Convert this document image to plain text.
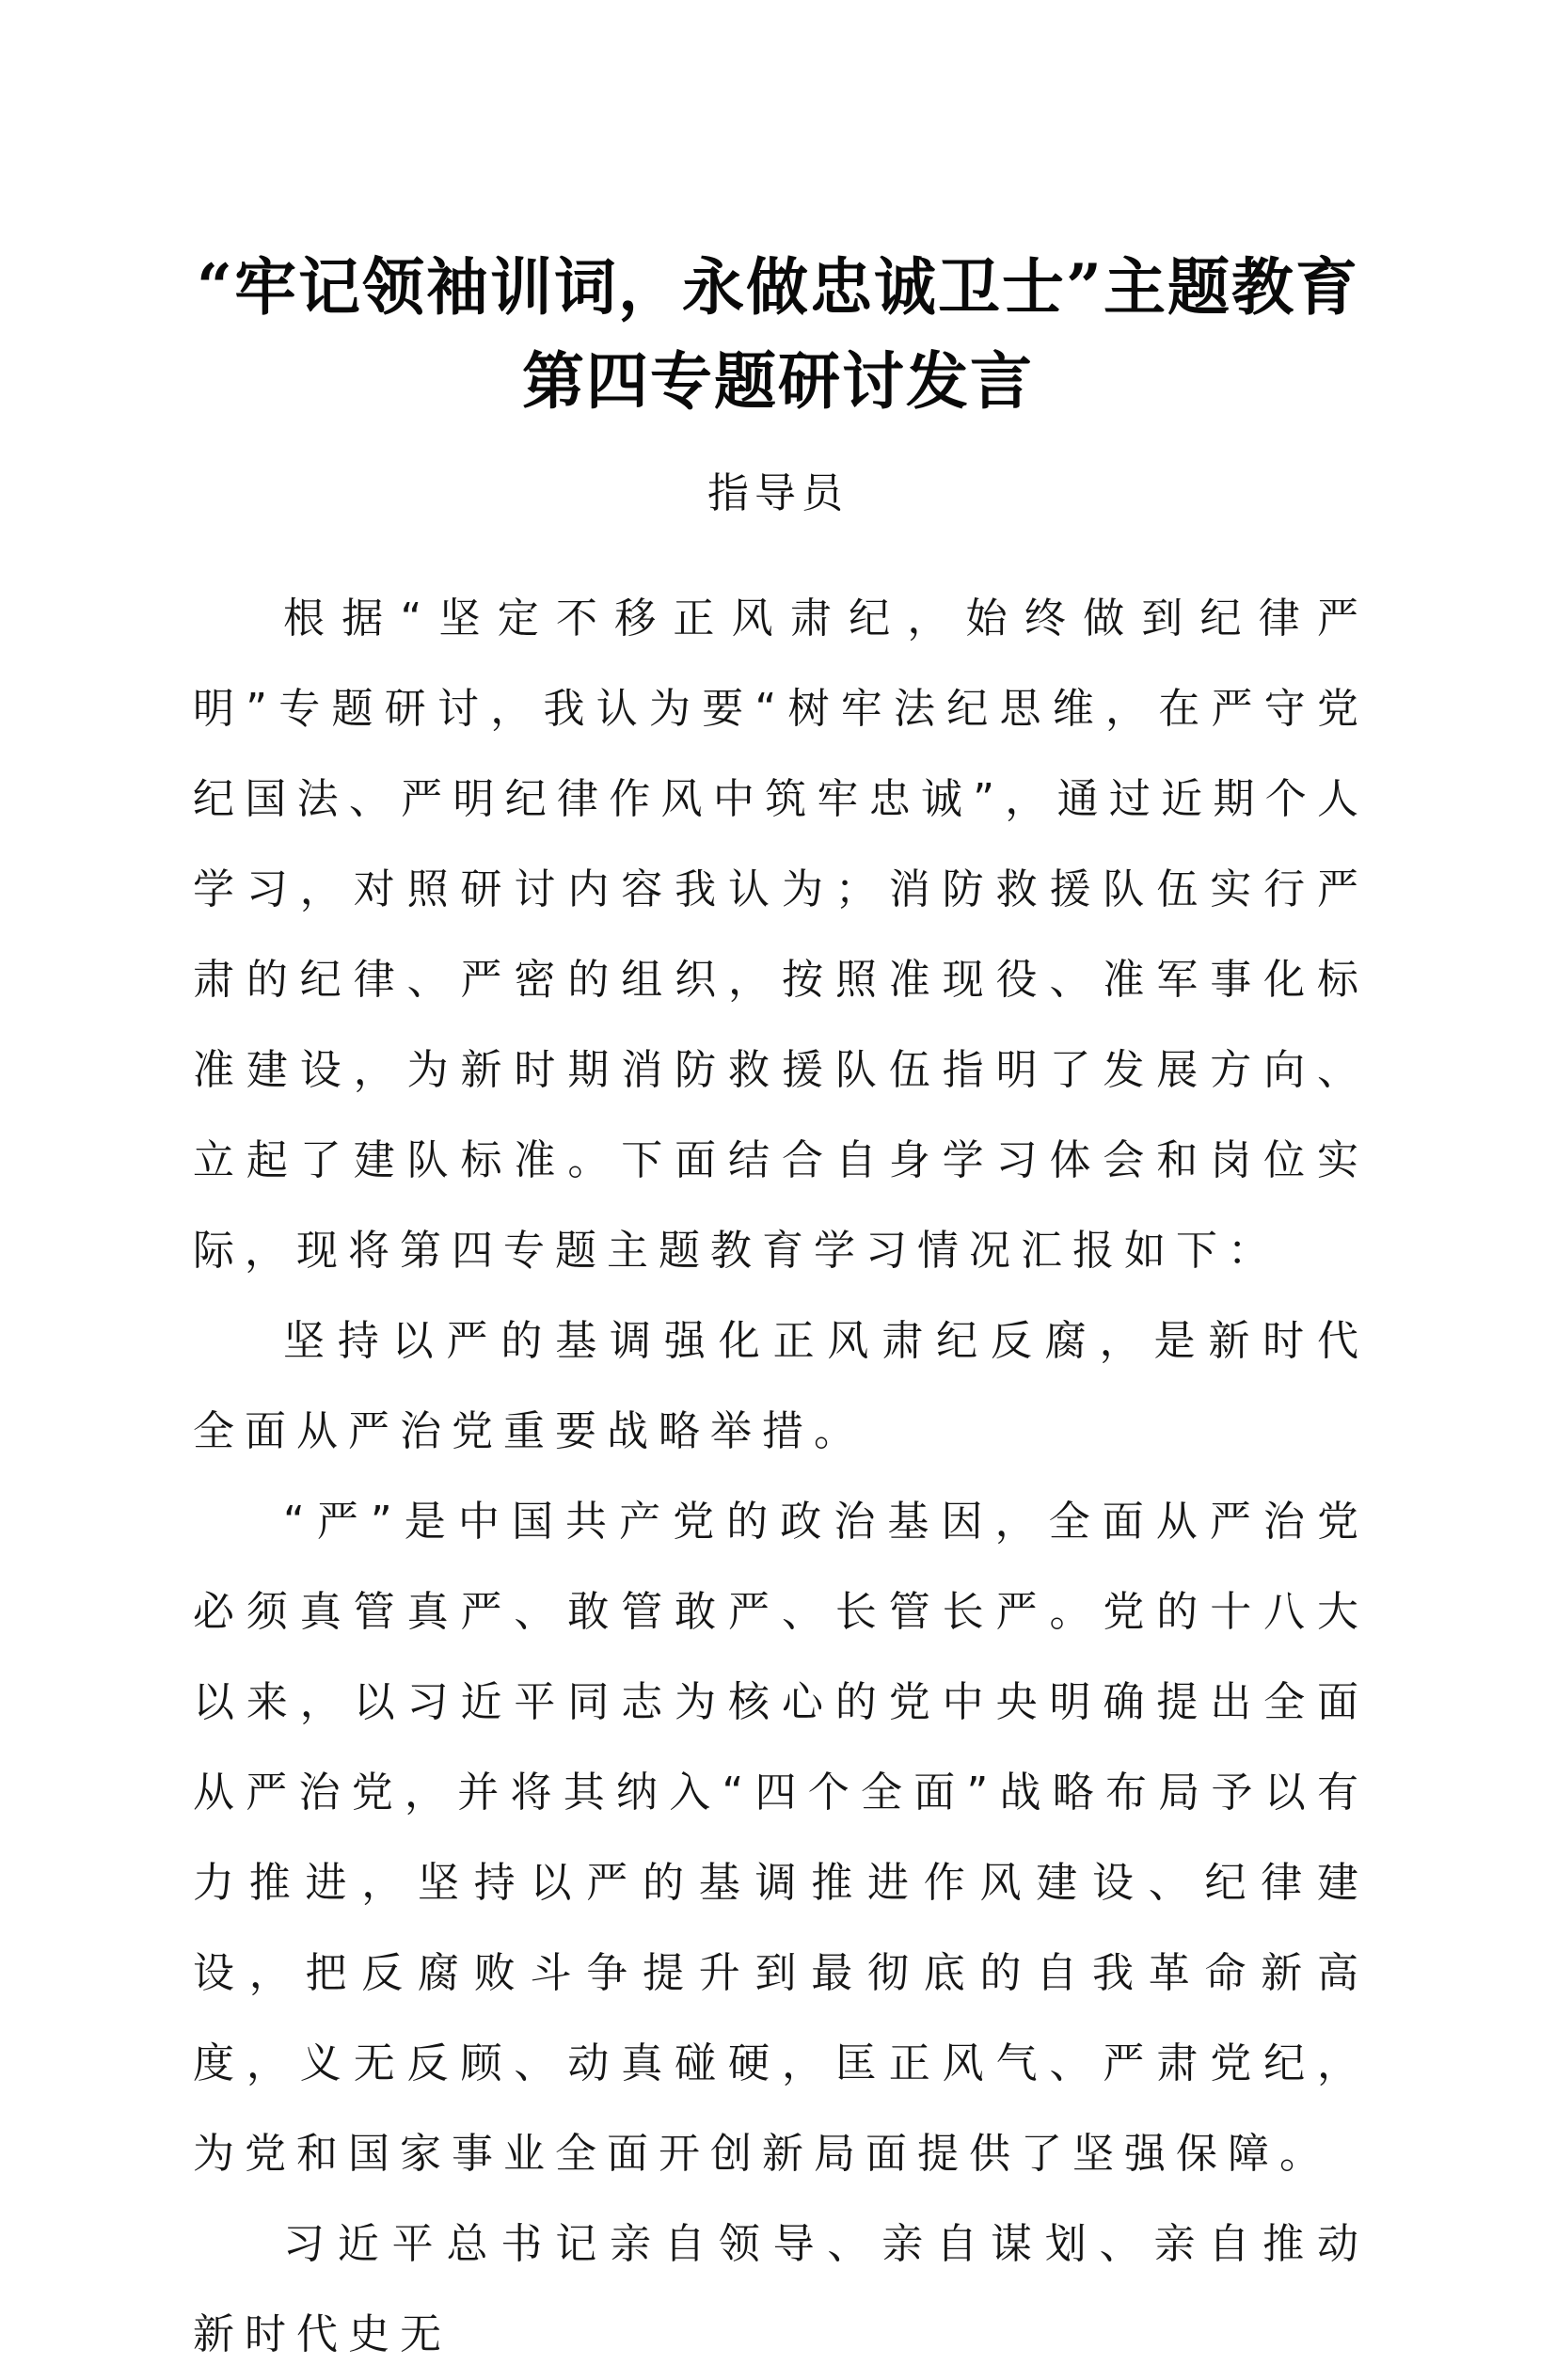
“牢记领袖训词，永做忠诚卫士”主题教育
第四专题研讨发言
指导员

根据“坚定不移正风肃纪，始终做到纪律严明”专题研讨，我认为要“树牢法纪思维，在严守党纪国法、严明纪律作风中筑牢忠诚”，通过近期个人学习，对照研讨内容我认为；消防救援队伍实行严肃的纪律、严密的组织，按照准现役、准军事化标准建设，为新时期消防救援队伍指明了发展方向、立起了建队标准。下面结合自身学习体会和岗位实际，现将第四专题主题教育学习情况汇报如下：

坚持以严的基调强化正风肃纪反腐，是新时代全面从严治党重要战略举措。

“严”是中国共产党的政治基因，全面从严治党必须真管真严、敢管敢严、长管长严。党的十八大以来，以习近平同志为核心的党中央明确提出全面从严治党，并将其纳入“四个全面”战略布局予以有力推进，坚持以严的基调推进作风建设、纪律建设，把反腐败斗争提升到最彻底的自我革命新高度，义无反顾、动真碰硬，匡正风气、严肃党纪，为党和国家事业全面开创新局面提供了坚强保障。

习近平总书记亲自领导、亲自谋划、亲自推动新时代史无
